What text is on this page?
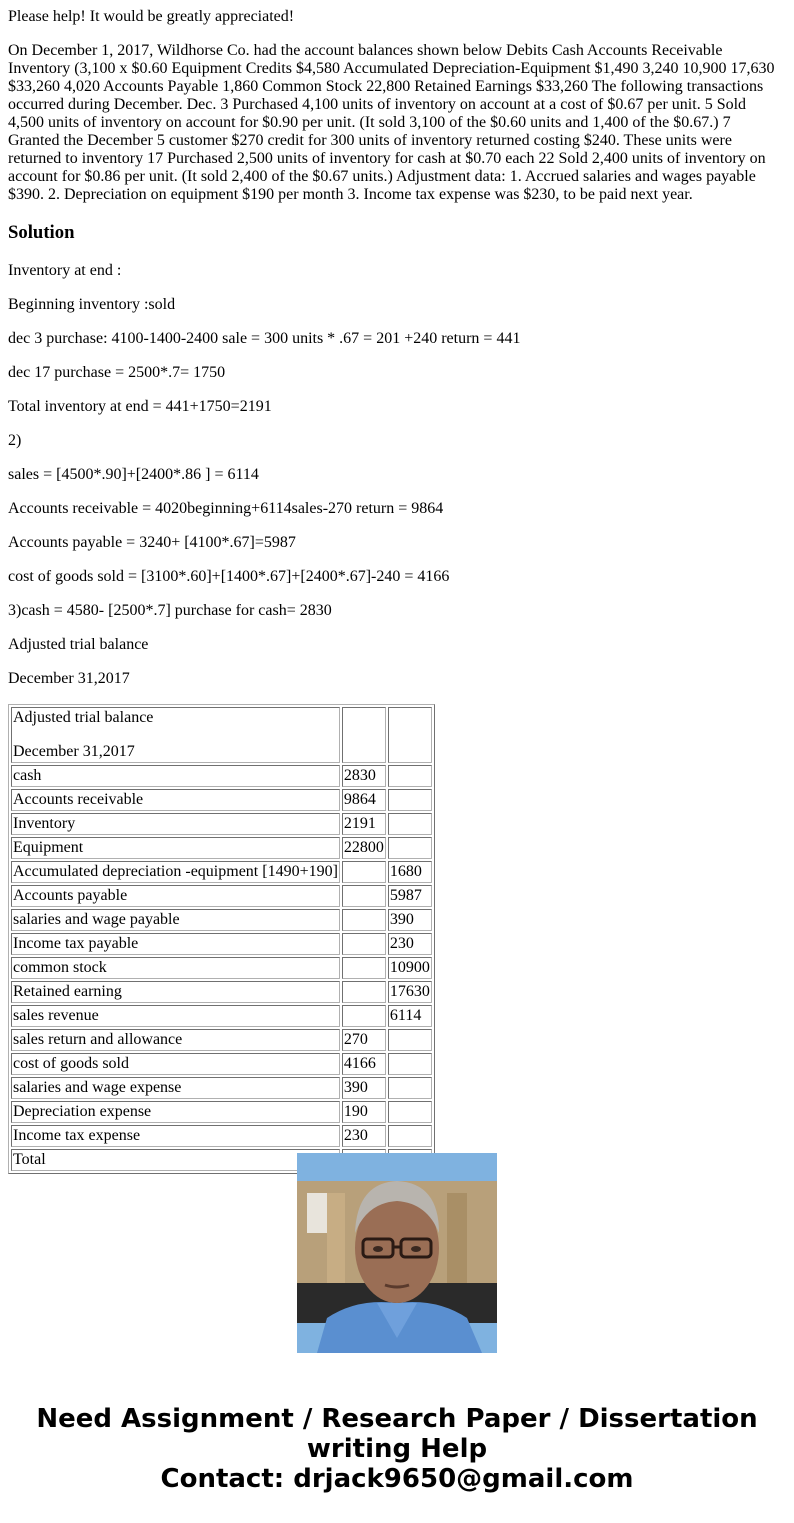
Please help! It would be greatly appreciated!

On December 1, 2017, Wildhorse Co. had the account balances shown below Debits Cash Accounts Receivable Inventory (3,100 x $0.60 Equipment Credits $4,580 Accumulated Depreciation-Equipment $1,490 3,240 10,900 17,630 $33,260 4,020 Accounts Payable 1,860 Common Stock 22,800 Retained Earnings $33,260 The following transactions occurred during December. Dec. 3 Purchased 4,100 units of inventory on account at a cost of $0.67 per unit. 5 Sold 4,500 units of inventory on account for $0.90 per unit. (It sold 3,100 of the $0.60 units and 1,400 of the $0.67.) 7 Granted the December 5 customer $270 credit for 300 units of inventory returned costing $240. These units were returned to inventory 17 Purchased 2,500 units of inventory for cash at $0.70 each 22 Sold 2,400 units of inventory on account for $0.86 per unit. (It sold 2,400 of the $0.67 units.) Adjustment data: 1. Accrued salaries and wages payable $390. 2. Depreciation on equipment $190 per month 3. Income tax expense was $230, to be paid next year.

Solution

Inventory at end :

Beginning inventory :sold

dec 3 purchase: 4100-1400-2400 sale = 300 units * .67 = 201 +240 return = 441

dec 17 purchase = 2500*.7= 1750

Total inventory at end = 441+1750=2191

2)

sales = [4500*.90]+[2400*.86 ] = 6114

Accounts receivable = 4020beginning+6114sales-270 return = 9864

Accounts payable = 3240+ [4100*.67]=5987

cost of goods sold = [3100*.60]+[1400*.67]+[2400*.67]-240 = 4166

3)cash = 4580- [2500*.7] purchase for cash= 2830

Adjusted trial balance

December 31,2017

Adjusted trial balance
December 31,2017		

cash	2830	
Accounts receivable	9864	
Inventory	2191	
Equipment	22800	
Accumulated depreciation -equipment [1490+190]		1680
Accounts payable		5987
salaries and wage payable		390
Income tax payable		230
common stock		10900
Retained earning		17630
sales revenue		6114
sales return and allowance	270	
cost of goods sold	4166	
salaries and wage expense	390	
Depreciation expense	190	
Income tax expense	230	
Total		
Need Assignment / Research Paper / Dissertation
writing Help
Contact: drjack9650@gmail.com
